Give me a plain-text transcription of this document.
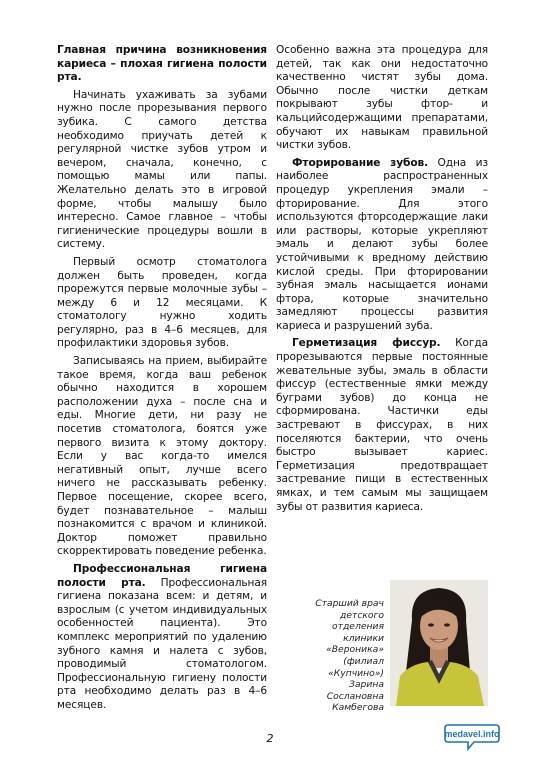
Главная причина возникновения кариеса – плохая гигиена полости рта.

Начинать ухаживать за зубами нужно после прорезывания первого зубика. С самого детства необходимо приучать детей к регулярной чистке зубов утром и вечером, сначала, конечно, с помощью мамы или папы. Желательно делать это в игровой форме, чтобы малышу было интересно. Самое главное – чтобы гигиенические процедуры вошли в систему.

Первый осмотр стоматолога должен быть проведен, когда прорежутся первые молочные зубы – между 6 и 12 месяцами. К стоматологу нужно ходить регулярно, раз в 4–6 месяцев, для профилактики здоровья зубов.

Записываясь на прием, выбирайте такое время, когда ваш ребенок обычно находится в хорошем расположении духа – после сна и еды. Многие дети, ни разу не посетив стоматолога, боятся уже первого визита к этому доктору. Если у вас когда-то имелся негативный опыт, лучше всего ничего не рассказывать ребенку. Первое посещение, скорее всего, будет познавательное – малыш познакомится с врачом и клиникой. Доктор поможет правильно скорректировать поведение ребенка.

Профессиональная гигиена полости рта. Профессиональная гигиена показана всем: и детям, и взрослым (с учетом индивидуальных особенностей пациента). Это комплекс мероприятий по удалению зубного камня и налета с зубов, проводимый стоматологом. Профессиональную гигиену полости рта необходимо делать раз в 4–6 месяцев.

Особенно важна эта процедура для детей, так как они недостаточно качественно чистят зубы дома. Обычно после чистки деткам покрывают зубы фтор- и кальцийсодержащими препаратами, обучают их навыкам правильной чистки зубов.

Фторирование зубов. Одна из наиболее распространенных процедур укрепления эмали – фторирование. Для этого используются фторсодержащие лаки или растворы, которые укрепляют эмаль и делают зубы более устойчивыми к вредному действию кислой среды. При фторировании зубная эмаль насыщается ионами фтора, которые значительно замедляют процессы развития кариеса и разрушений зуба.

Герметизация фиссур. Когда прорезываются первые постоянные жевательные зубы, эмаль в области фиссур (естественные ямки между буграми зубов) до конца не сформирована. Частички еды застревают в фиссурах, в них поселяются бактерии, что очень быстро вызывает кариес. Герметизация предотвращает застревание пищи в естественных ямках, и тем самым мы защищаем зубы от развития кариеса.

Старший врач детского отделения клиники «Вероника» (филиал «Купчино»)
Зарина Сослановна Камбегова
2	medavel.info
